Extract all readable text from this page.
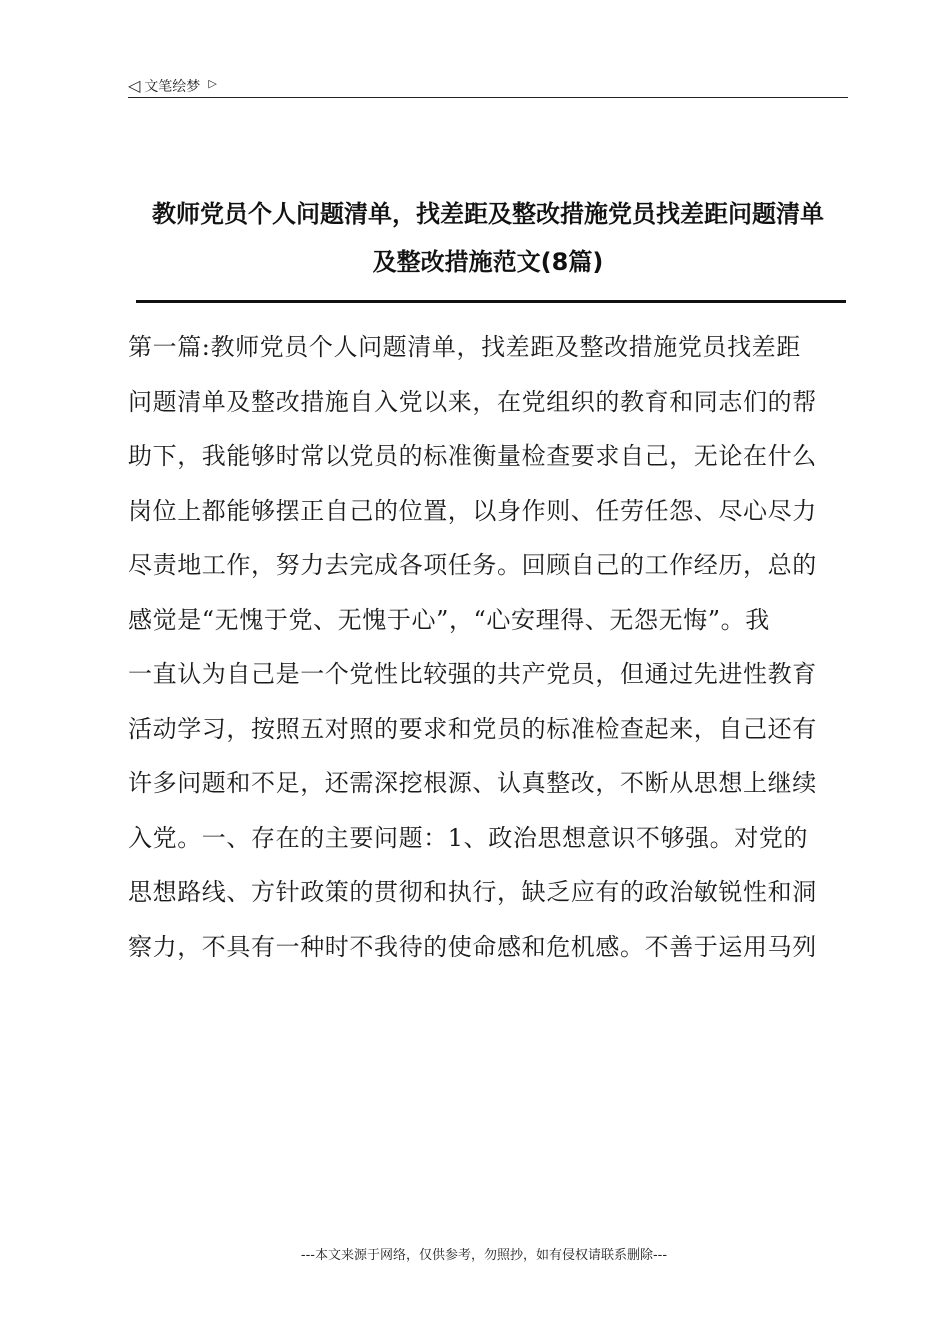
◁ 文笔绘梦 ▷
教师党员个人问题清单，找差距及整改措施党员找差距问题清单
及整改措施范文(8篇)
第一篇:教师党员个人问题清单，找差距及整改措施党员找差距
问题清单及整改措施自入党以来，在党组织的教育和同志们的帮
助下，我能够时常以党员的标准衡量检查要求自己，无论在什么
岗位上都能够摆正自己的位置，以身作则、任劳任怨、尽心尽力
尽责地工作，努力去完成各项任务。回顾自己的工作经历，总的
感觉是“无愧于党、无愧于心”，“心安理得、无怨无悔”。我
一直认为自己是一个党性比较强的共产党员，但通过先进性教育
活动学习，按照五对照的要求和党员的标准检查起来，自己还有
许多问题和不足，还需深挖根源、认真整改，不断从思想上继续
入党。一、存在的主要问题：1、政治思想意识不够强。对党的
思想路线、方针政策的贯彻和执行，缺乏应有的政治敏锐性和洞
察力，不具有一种时不我待的使命感和危机感。不善于运用马列
---本文来源于网络，仅供参考，勿照抄，如有侵权请联系删除---
